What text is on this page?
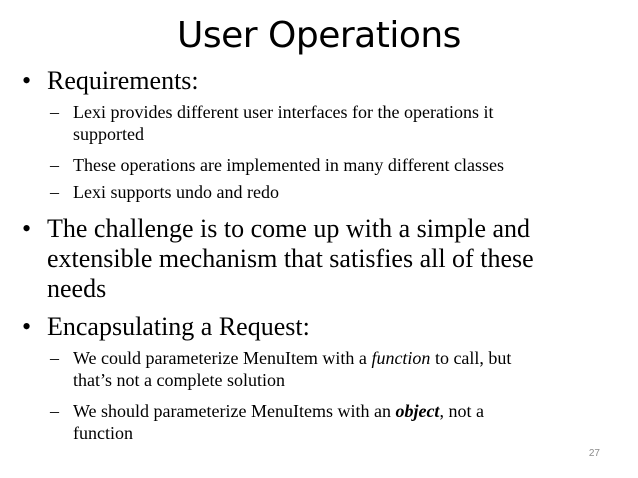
User Operations
• Requirements:
– Lexi provides different user interfaces for the operations it
supported
– These operations are implemented in many different classes
– Lexi supports undo and redo
• The challenge is to come up with a simple and
extensible mechanism that satisfies all of these
needs
• Encapsulating a Request:
– We could parameterize MenuItem with a function to call, but
that’s not a complete solution
– We should parameterize MenuItems with an object, not a
function
27
